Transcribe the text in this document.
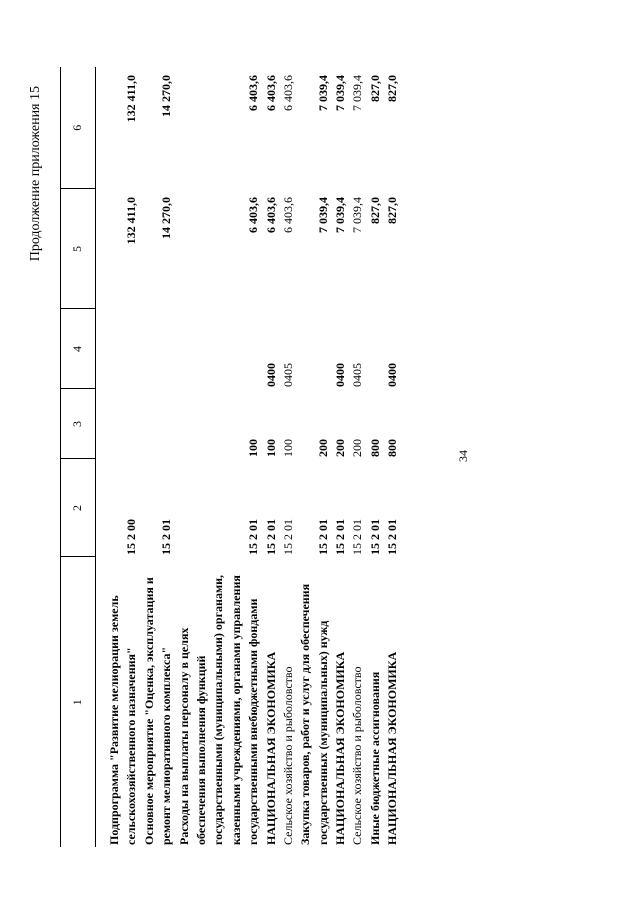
34
Продолжение приложения 15
1	2	3	4	5	6

Подпрограмма "Развитие мелиорации земель сельскохозяйственного назначения"	15 2 00			132 411,0	132 411,0
Основное мероприятие "Оценка, эксплуатация и ремонт мелиоративного комплекса"	15 2 01			14 270,0	14 270,0
Расходы на выплаты персоналу в целях обеспечения выполнения функций государственными (муниципальными) органами, казенными учреждениями, органами управления государственными внебюджетными фондами	15 2 01	100		6 403,6	6 403,6
НАЦИОНАЛЬНАЯ ЭКОНОМИКА	15 2 01	100	0400	6 403,6	6 403,6
Сельское хозяйство и рыболовство	15 2 01	100	0405	6 403,6	6 403,6
Закупка товаров, работ и услуг для обеспечения государственных (муниципальных) нужд	15 2 01	200		7 039,4	7 039,4
НАЦИОНАЛЬНАЯ ЭКОНОМИКА	15 2 01	200	0400	7 039,4	7 039,4
Сельское хозяйство и рыболовство	15 2 01	200	0405	7 039,4	7 039,4
Иные бюджетные ассигнования	15 2 01	800		827,0	827,0
НАЦИОНАЛЬНАЯ ЭКОНОМИКА	15 2 01	800	0400	827,0	827,0
